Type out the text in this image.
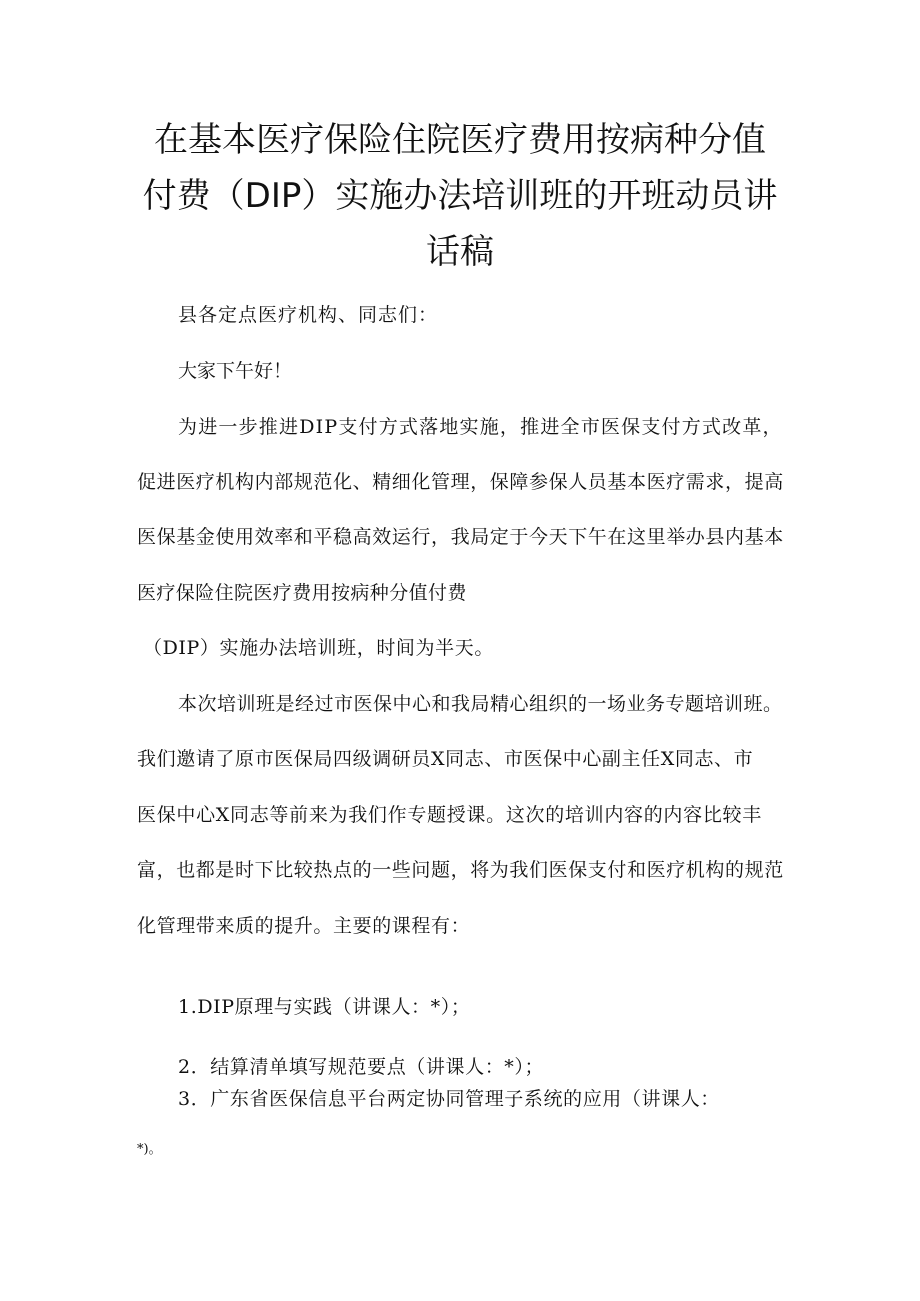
在基本医疗保险住院医疗费用按病种分值
付费（DIP）实施办法培训班的开班动员讲
话稿
县各定点医疗机构、同志们：
大家下午好！
为进一步推进DIP支付方式落地实施，推进全市医保支付方式改革，
促进医疗机构内部规范化、精细化管理，保障参保人员基本医疗需求，提高
医保基金使用效率和平稳高效运行，我局定于今天下午在这里举办县内基本
医疗保险住院医疗费用按病种分值付费
（DIP）实施办法培训班，时间为半天。
本次培训班是经过市医保中心和我局精心组织的一场业务专题培训班。
我们邀请了原市医保局四级调研员X同志、市医保中心副主任X同志、市
医保中心X同志等前来为我们作专题授课。这次的培训内容的内容比较丰
富，也都是时下比较热点的一些问题，将为我们医保支付和医疗机构的规范
化管理带来质的提升。主要的课程有：
1.DIP原理与实践（讲课人：*）；
2．结算清单填写规范要点（讲课人：*）；
3．广东省医保信息平台两定协同管理子系统的应用（讲课人：
*)。
